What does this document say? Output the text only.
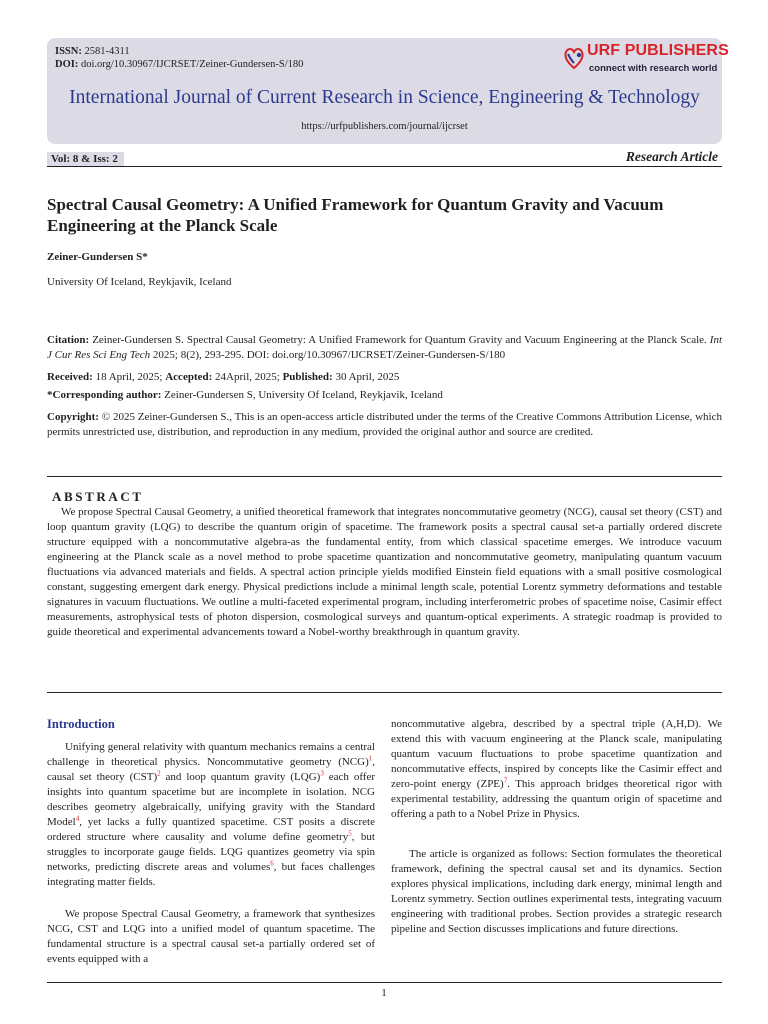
ISSN: 2581-4311
DOI: doi.org/10.30967/IJCRSET/Zeiner-Gundersen-S/180
URF PUBLISHERS
connect with research world
International Journal of Current Research in Science, Engineering & Technology
https://urfpublishers.com/journal/ijcrset
Vol: 8 & Iss: 2	Research Article
Spectral Causal Geometry: A Unified Framework for Quantum Gravity and Vacuum Engineering at the Planck Scale
Zeiner-Gundersen S*
University Of Iceland, Reykjavik, Iceland
Citation: Zeiner-Gundersen S. Spectral Causal Geometry: A Unified Framework for Quantum Gravity and Vacuum Engineering at the Planck Scale. Int J Cur Res Sci Eng Tech 2025; 8(2), 293-295. DOI: doi.org/10.30967/IJCRSET/Zeiner-Gundersen-S/180
Received: 18 April, 2025; Accepted: 24April, 2025; Published: 30 April, 2025
*Corresponding author: Zeiner-Gundersen S, University Of Iceland, Reykjavik, Iceland
Copyright: © 2025 Zeiner-Gundersen S., This is an open-access article distributed under the terms of the Creative Commons Attribution License, which permits unrestricted use, distribution, and reproduction in any medium, provided the original author and source are credited.
ABSTRACT

We propose Spectral Causal Geometry, a unified theoretical framework that integrates noncommutative geometry (NCG), causal set theory (CST) and loop quantum gravity (LQG) to describe the quantum origin of spacetime. The framework posits a spectral causal set-a partially ordered discrete structure equipped with a noncommutative algebra-as the fundamental entity, from which classical spacetime emerges. We introduce vacuum engineering at the Planck scale as a novel method to probe spacetime quantization and noncommutative geometry, manipulating quantum vacuum fluctuations via advanced materials and fields. A spectral action principle yields modified Einstein field equations with a small positive cosmological constant, suggesting emergent dark energy. Physical predictions include a minimal length scale, potential Lorentz symmetry deformations and testable signatures in vacuum fluctuations. We outline a multi-faceted experimental program, including interferometric probes of spacetime noise, Casimir effect measurements, astrophysical tests of photon dispersion, cosmological surveys and quantum-optical experiments. A strategic roadmap is provided to guide theoretical and experimental advancements toward a Nobel-worthy breakthrough in quantum gravity.

Introduction

Unifying general relativity with quantum mechanics remains a central challenge in theoretical physics. Noncommutative geometry (NCG)$^1$, causal set theory (CST)$^2$ and loop quantum gravity (LQG)$^3$ each offer insights into quantum spacetime but are incomplete in isolation. NCG describes geometry algebraically, unifying gravity with the Standard Model$^4$, yet lacks a fully quantized spacetime. CST posits a discrete ordered structure where causality and volume define geometry$^5$, but struggles to incorporate gauge fields. LQG quantizes geometry via spin networks, predicting discrete areas and volumes$^6$, but faces challenges integrating matter fields.

We propose Spectral Causal Geometry, a framework that synthesizes NCG, CST and LQG into a unified model of quantum spacetime. The fundamental structure is a spectral causal set-a partially ordered set of events equipped with a

noncommutative algebra, described by a spectral triple (A,H,D). We extend this with vacuum engineering at the Planck scale, manipulating quantum vacuum fluctuations to probe spacetime quantization and noncommutative effects, inspired by concepts like the Casimir effect and zero-point energy (ZPE)$^7$. This approach bridges theoretical rigor with experimental testability, addressing the quantum origin of spacetime and offering a path to a Nobel Prize in Physics.

The article is organized as follows: Section formulates the theoretical framework, defining the spectral causal set and its dynamics. Section explores physical implications, including dark energy, minimal length and Lorentz symmetry. Section outlines experimental tests, integrating vacuum engineering with traditional probes. Section provides a strategic research pipeline and Section discusses implications and future directions.

1
